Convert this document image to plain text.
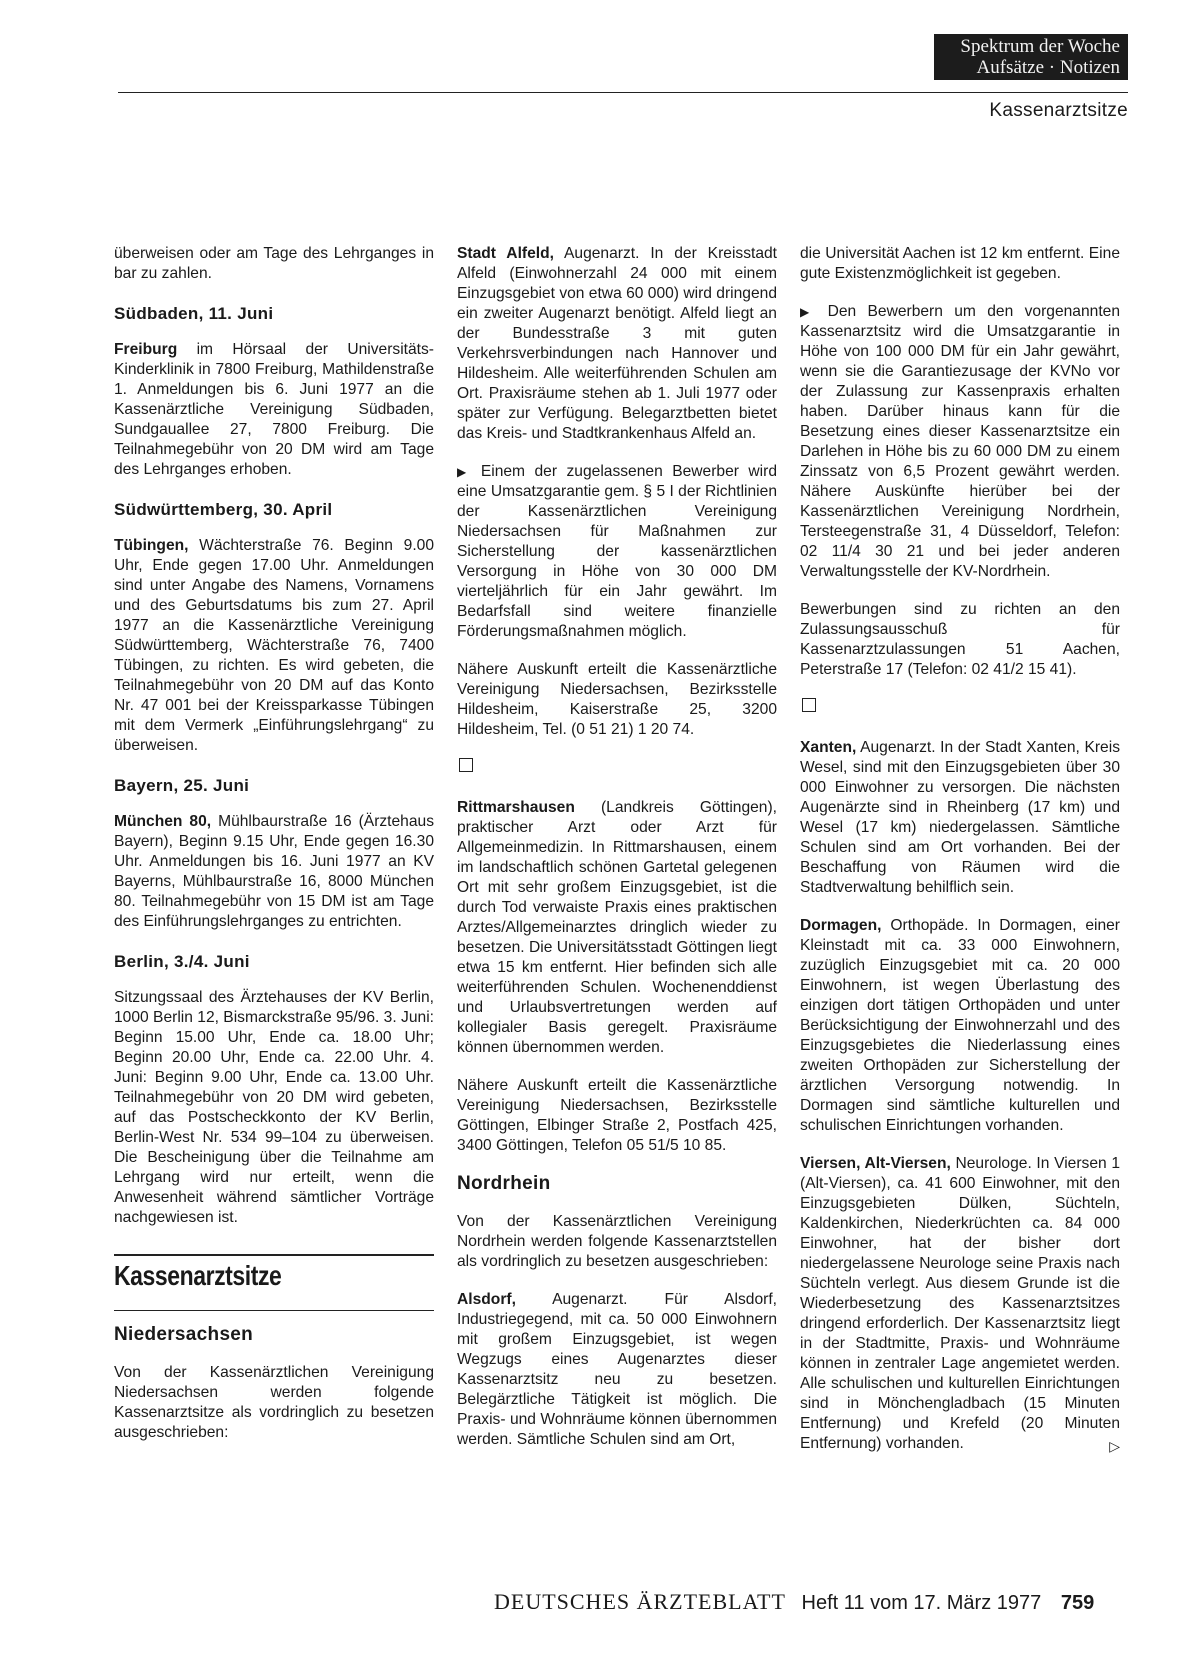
Spektrum der Woche
Aufsätze · Notizen
Kassenarztsitze

überweisen oder am Tage des Lehrganges in bar zu zahlen.

Südbaden, 11. Juni

Freiburg im Hörsaal der Universitäts-Kinderklinik in 7800 Freiburg, Mathildenstraße 1. Anmeldungen bis 6. Juni 1977 an die Kassenärztliche Vereinigung Südbaden, Sundgauallee 27, 7800 Freiburg. Die Teilnahmegebühr von 20 DM wird am Tage des Lehrganges erhoben.

Südwürttemberg, 30. April

Tübingen, Wächterstraße 76. Beginn 9.00 Uhr, Ende gegen 17.00 Uhr. Anmeldungen sind unter Angabe des Namens, Vornamens und des Geburtsdatums bis zum 27. April 1977 an die Kassenärztliche Vereinigung Südwürttemberg, Wächterstraße 76, 7400 Tübingen, zu richten. Es wird gebeten, die Teilnahmegebühr von 20 DM auf das Konto Nr. 47 001 bei der Kreissparkasse Tübingen mit dem Vermerk „Einführungslehrgang“ zu überweisen.

Bayern, 25. Juni

München 80, Mühlbaurstraße 16 (Ärztehaus Bayern), Beginn 9.15 Uhr, Ende gegen 16.30 Uhr. Anmeldungen bis 16. Juni 1977 an KV Bayerns, Mühlbaurstraße 16, 8000 München 80. Teilnahmegebühr von 15 DM ist am Tage des Einführungslehrganges zu entrichten.

Berlin, 3./4. Juni

Sitzungssaal des Ärztehauses der KV Berlin, 1000 Berlin 12, Bismarckstraße 95/96. 3. Juni: Beginn 15.00 Uhr, Ende ca. 18.00 Uhr; Beginn 20.00 Uhr, Ende ca. 22.00 Uhr. 4. Juni: Beginn 9.00 Uhr, Ende ca. 13.00 Uhr. Teilnahmegebühr von 20 DM wird gebeten, auf das Postscheckkonto der KV Berlin, Berlin-West Nr. 534 99–104 zu überweisen. Die Bescheinigung über die Teilnahme am Lehrgang wird nur erteilt, wenn die Anwesenheit während sämtlicher Vorträge nachgewiesen ist.

Kassenarztsitze
Niedersachsen

Von der Kassenärztlichen Vereinigung Niedersachsen werden folgende Kassenarztsitze als vordringlich zu besetzen ausgeschrieben:

Stadt Alfeld, Augenarzt. In der Kreisstadt Alfeld (Einwohnerzahl 24 000 mit einem Einzugsgebiet von etwa 60 000) wird dringend ein zweiter Augenarzt benötigt. Alfeld liegt an der Bundesstraße 3 mit guten Verkehrsverbindungen nach Hannover und Hildesheim. Alle weiterführenden Schulen am Ort. Praxisräume stehen ab 1. Juli 1977 oder später zur Verfügung. Belegarztbetten bietet das Kreis- und Stadtkrankenhaus Alfeld an.

▶ Einem der zugelassenen Bewerber wird eine Umsatzgarantie gem. § 5 I der Richtlinien der Kassenärztlichen Vereinigung Niedersachsen für Maßnahmen zur Sicherstellung der kassenärztlichen Versorgung in Höhe von 30 000 DM vierteljährlich für ein Jahr gewährt. Im Bedarfsfall sind weitere finanzielle Förderungsmaßnahmen möglich.

Nähere Auskunft erteilt die Kassenärztliche Vereinigung Niedersachsen, Bezirksstelle Hildesheim, Kaiserstraße 25, 3200 Hildesheim, Tel. (0 51 21) 1 20 74.

Rittmarshausen (Landkreis Göttingen), praktischer Arzt oder Arzt für Allgemeinmedizin. In Rittmarshausen, einem im landschaftlich schönen Gartetal gelegenen Ort mit sehr großem Einzugsgebiet, ist die durch Tod verwaiste Praxis eines praktischen Arztes/Allgemeinarztes dringlich wieder zu besetzen. Die Universitätsstadt Göttingen liegt etwa 15 km entfernt. Hier befinden sich alle weiterführenden Schulen. Wochenenddienst und Urlaubsvertretungen werden auf kollegialer Basis geregelt. Praxisräume können übernommen werden.

Nähere Auskunft erteilt die Kassenärztliche Vereinigung Niedersachsen, Bezirksstelle Göttingen, Elbinger Straße 2, Postfach 425, 3400 Göttingen, Telefon 05 51/5 10 85.

Nordrhein

Von der Kassenärztlichen Vereinigung Nordrhein werden folgende Kassenarztstellen als vordringlich zu besetzen ausgeschrieben:

Alsdorf, Augenarzt. Für Alsdorf, Industriegegend, mit ca. 50 000 Einwohnern mit großem Einzugsgebiet, ist wegen Wegzugs eines Augenarztes dieser Kassenarztsitz neu zu besetzen. Belegärztliche Tätigkeit ist möglich. Die Praxis- und Wohnräume können übernommen werden. Sämtliche Schulen sind am Ort,

die Universität Aachen ist 12 km entfernt. Eine gute Existenzmöglichkeit ist gegeben.

▶ Den Bewerbern um den vorgenannten Kassenarztsitz wird die Umsatzgarantie in Höhe von 100 000 DM für ein Jahr gewährt, wenn sie die Garantiezusage der KVNo vor der Zulassung zur Kassenpraxis erhalten haben. Darüber hinaus kann für die Besetzung eines dieser Kassenarztsitze ein Darlehen in Höhe bis zu 60 000 DM zu einem Zinssatz von 6,5 Prozent gewährt werden. Nähere Auskünfte hierüber bei der Kassenärztlichen Vereinigung Nordrhein, Tersteegenstraße 31, 4 Düsseldorf, Telefon: 02 11/4 30 21 und bei jeder anderen Verwaltungsstelle der KV-Nordrhein.

Bewerbungen sind zu richten an den Zulassungsausschuß für Kassenarztzulassungen 51 Aachen, Peterstraße 17 (Telefon: 02 41/2 15 41).

Xanten, Augenarzt. In der Stadt Xanten, Kreis Wesel, sind mit den Einzugsgebieten über 30 000 Einwohner zu versorgen. Die nächsten Augenärzte sind in Rheinberg (17 km) und Wesel (17 km) niedergelassen. Sämtliche Schulen sind am Ort vorhanden. Bei der Beschaffung von Räumen wird die Stadtverwaltung behilflich sein.

Dormagen, Orthopäde. In Dormagen, einer Kleinstadt mit ca. 33 000 Einwohnern, zuzüglich Einzugsgebiet mit ca. 20 000 Einwohnern, ist wegen Überlastung des einzigen dort tätigen Orthopäden und unter Berücksichtigung der Einwohnerzahl und des Einzugsgebietes die Niederlassung eines zweiten Orthopäden zur Sicherstellung der ärztlichen Versorgung notwendig. In Dormagen sind sämtliche kulturellen und schulischen Einrichtungen vorhanden.

Viersen, Alt-Viersen, Neurologe. In Viersen 1 (Alt-Viersen), ca. 41 600 Einwohner, mit den Einzugsgebieten Dülken, Süchteln, Kaldenkirchen, Niederkrüchten ca. 84 000 Einwohner, hat der bisher dort niedergelassene Neurologe seine Praxis nach Süchteln verlegt. Aus diesem Grunde ist die Wiederbesetzung des Kassenarztsitzes dringend erforderlich. Der Kassenarztsitz liegt in der Stadtmitte, Praxis- und Wohnräume können in zentraler Lage angemietet werden. Alle schulischen und kulturellen Einrichtungen sind in Mönchengladbach (15 Minuten Entfernung) und Krefeld (20 Minuten Entfernung) vorhanden.	▷

DEUTSCHES ÄRZTEBLATT Heft 11 vom 17. März 1977 759
